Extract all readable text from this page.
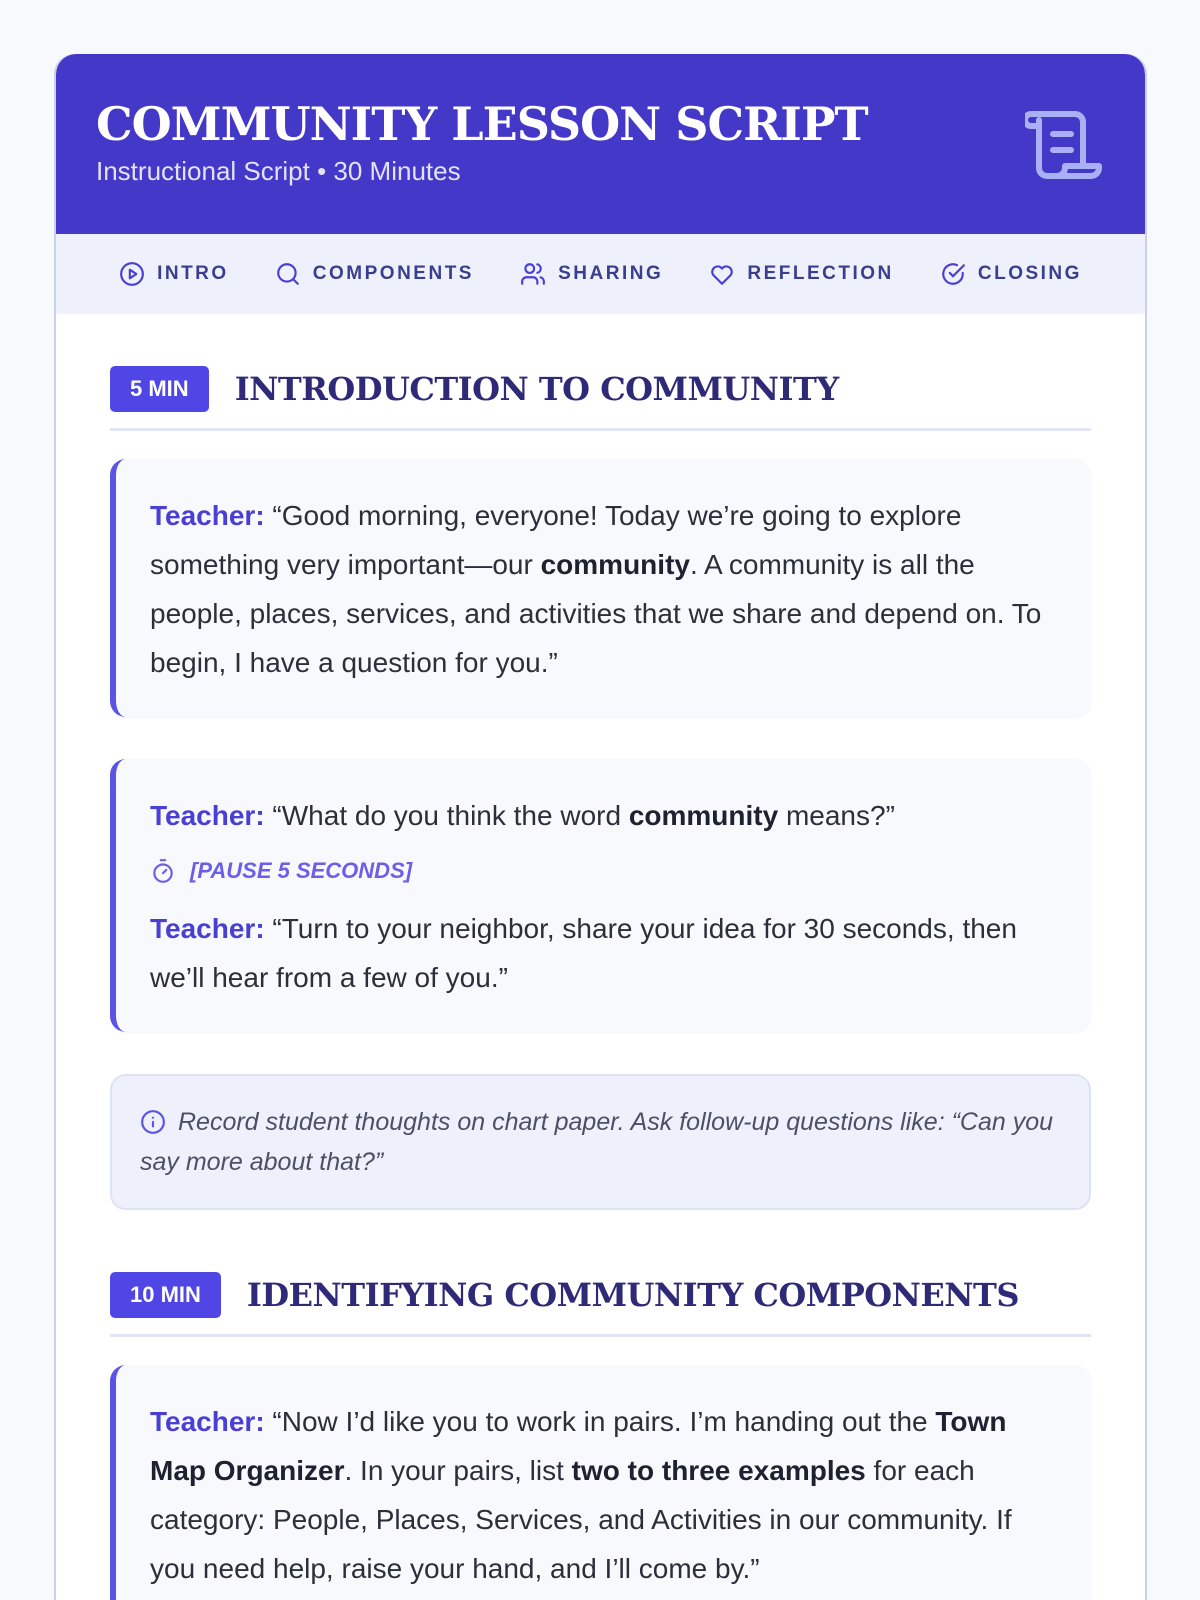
COMMUNITY LESSON SCRIPT
Instructional Script • 30 Minutes
INTRO	COMPONENTS	SHARING	REFLECTION	CLOSING
5 MIN	INTRODUCTION TO COMMUNITY

Teacher: “Good morning, everyone! Today we’re going to explore something very important—our community. A community is all the people, places, services, and activities that we share and depend on. To begin, I have a question for you.”

Teacher: “What do you think the word community means?”

[PAUSE 5 SECONDS]

Teacher: “Turn to your neighbor, share your idea for 30 seconds, then we’ll hear from a few of you.”

Record student thoughts on chart paper. Ask follow-up questions like: “Can you say more about that?”
10 MIN	IDENTIFYING COMMUNITY COMPONENTS

Teacher: “Now I’d like you to work in pairs. I’m handing out the Town Map Organizer. In your pairs, list two to three examples for each category: People, Places, Services, and Activities in our community. If you need help, raise your hand, and I’ll come by.”
